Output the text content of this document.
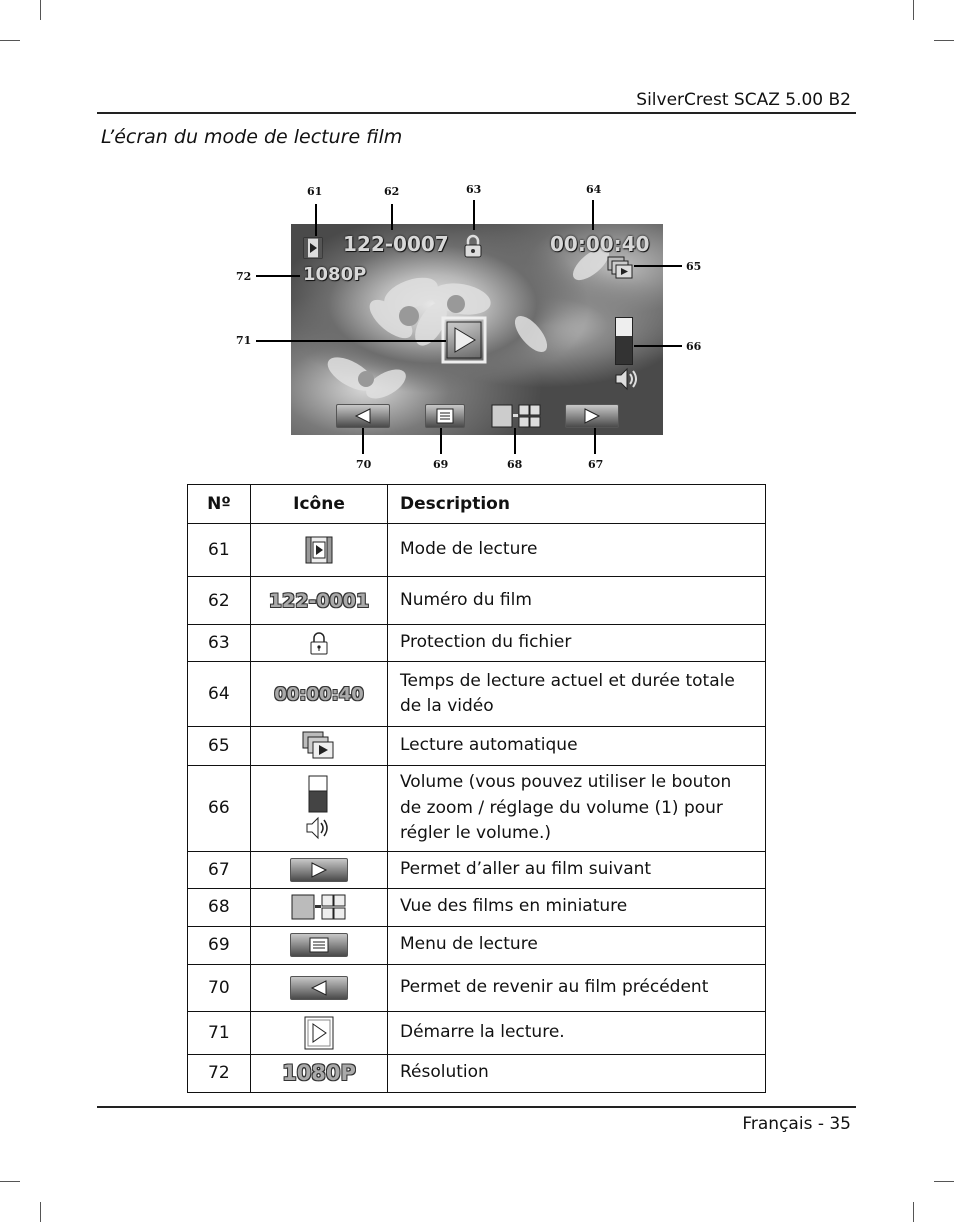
SilverCrest SCAZ 5.00 B2
L’écran du mode de lecture film
122-0007	00:00:40
1080P
61	62	63	64
65
66
72
71
70	69	68	67
Nº	Icône	Description
61		Mode de lecture
62	122-0001	Numéro du film
63		Protection du fichier
64	00:00:40	Temps de lecture actuel et durée totale de la vidéo
65		Lecture automatique
66		Volume (vous pouvez utiliser le bouton de zoom / réglage du volume (1) pour régler le volume.)
67		Permet d’aller au film suivant
68		Vue des films en miniature
69		Menu de lecture
70		Permet de revenir au film précédent
71		Démarre la lecture.
72	1080P	Résolution
Français - 35
